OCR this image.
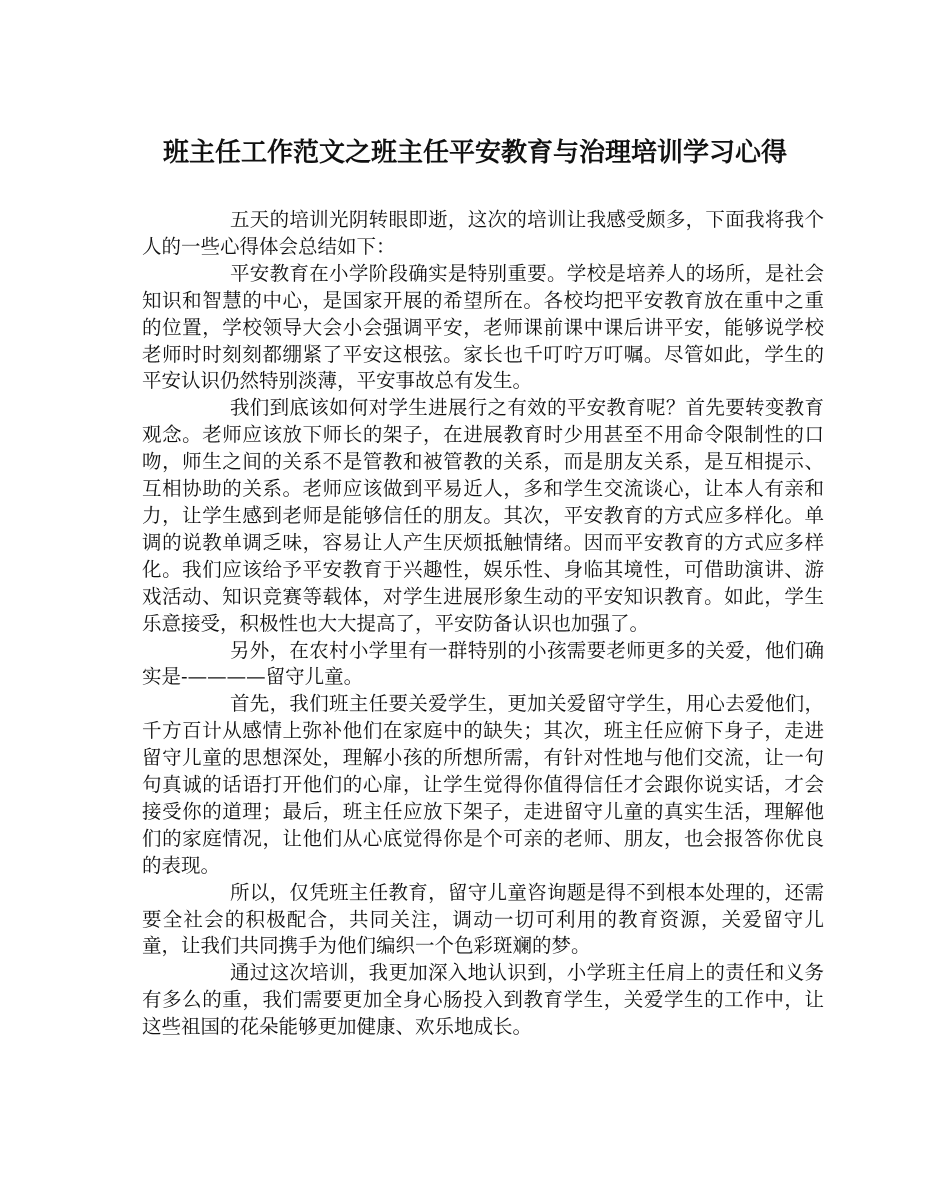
班主任工作范文之班主任平安教育与治理培训学习心得

五天的培训光阴转眼即逝，这次的培训让我感受颇多，下面我将我个人的一些心得体会总结如下：

平安教育在小学阶段确实是特别重要。学校是培养人的场所，是社会知识和智慧的中心，是国家开展的希望所在。各校均把平安教育放在重中之重的位置，学校领导大会小会强调平安，老师课前课中课后讲平安，能够说学校老师时时刻刻都绷紧了平安这根弦。家长也千叮咛万叮嘱。尽管如此，学生的平安认识仍然特别淡薄，平安事故总有发生。

我们到底该如何对学生进展行之有效的平安教育呢？首先要转变教育观念。老师应该放下师长的架子，在进展教育时少用甚至不用命令限制性的口吻，师生之间的关系不是管教和被管教的关系，而是朋友关系，是互相提示、互相协助的关系。老师应该做到平易近人，多和学生交流谈心，让本人有亲和力，让学生感到老师是能够信任的朋友。其次，平安教育的方式应多样化。单调的说教单调乏味，容易让人产生厌烦抵触情绪。因而平安教育的方式应多样化。我们应该给予平安教育于兴趣性，娱乐性、身临其境性，可借助演讲、游戏活动、知识竞赛等载体，对学生进展形象生动的平安知识教育。如此，学生乐意接受，积极性也大大提高了，平安防备认识也加强了。

另外，在农村小学里有一群特别的小孩需要老师更多的关爱，他们确实是-————留守儿童。

首先，我们班主任要关爱学生，更加关爱留守学生，用心去爱他们，千方百计从感情上弥补他们在家庭中的缺失；其次，班主任应俯下身子，走进留守儿童的思想深处，理解小孩的所想所需，有针对性地与他们交流，让一句句真诚的话语打开他们的心扉，让学生觉得你值得信任才会跟你说实话，才会接受你的道理；最后，班主任应放下架子，走进留守儿童的真实生活，理解他们的家庭情况，让他们从心底觉得你是个可亲的老师、朋友，也会报答你优良的表现。

所以，仅凭班主任教育，留守儿童咨询题是得不到根本处理的，还需要全社会的积极配合，共同关注，调动一切可利用的教育资源，关爱留守儿童，让我们共同携手为他们编织一个色彩斑斓的梦。

通过这次培训，我更加深入地认识到，小学班主任肩上的责任和义务有多么的重，我们需要更加全身心肠投入到教育学生，关爱学生的工作中，让这些祖国的花朵能够更加健康、欢乐地成长。
